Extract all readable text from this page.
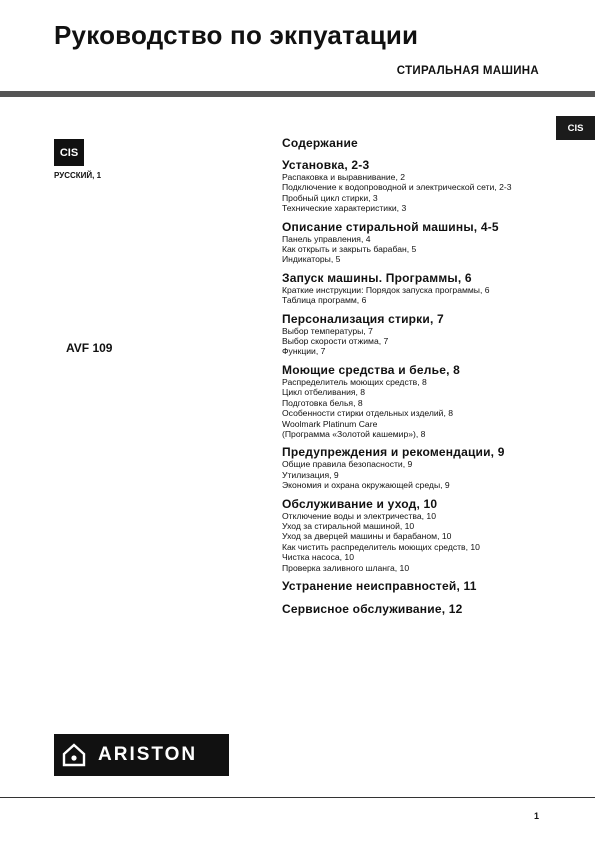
Руководство по экпуатации
СТИРАЛЬНАЯ МАШИНА
CIS
CIS
РУССКИЙ, 1
AVF 109
Содержание
Установка, 2-3
Распаковка и выравнивание, 2
Подключение к водопроводной и электрической сети, 2-3
Пробный цикл стирки, 3
Технические характеристики, 3
Описание стиральной машины, 4-5
Панель управления, 4
Как открыть и закрыть барабан, 5
Индикаторы, 5
Запуск машины. Программы, 6
Краткие инструкции: Порядок запуска программы, 6
Таблица программ, 6
Персонализация стирки, 7
Выбор температуры, 7
Выбор скорости отжима, 7
Функции, 7
Моющие средства и белье, 8
Распределитель моющих средств, 8
Цикл отбеливания, 8
Подготовка белья, 8
Особенности стирки отдельных изделий, 8
Woolmark Platinum Care
(Программа «Золотой кашемир»), 8
Предупреждения и рекомендации, 9
Общие правила безопасности, 9
Утилизация, 9
Экономия и охрана окружающей среды, 9
Обслуживание и уход, 10
Отключение воды и электричества, 10
Уход за стиральной машиной, 10
Уход за дверцей машины и барабаном, 10
Как чистить распределитель моющих средств, 10
Чистка насоса, 10
Проверка заливного шланга, 10
Устранение неисправностей, 11
Сервисное обслуживание, 12
ARISTON
1
